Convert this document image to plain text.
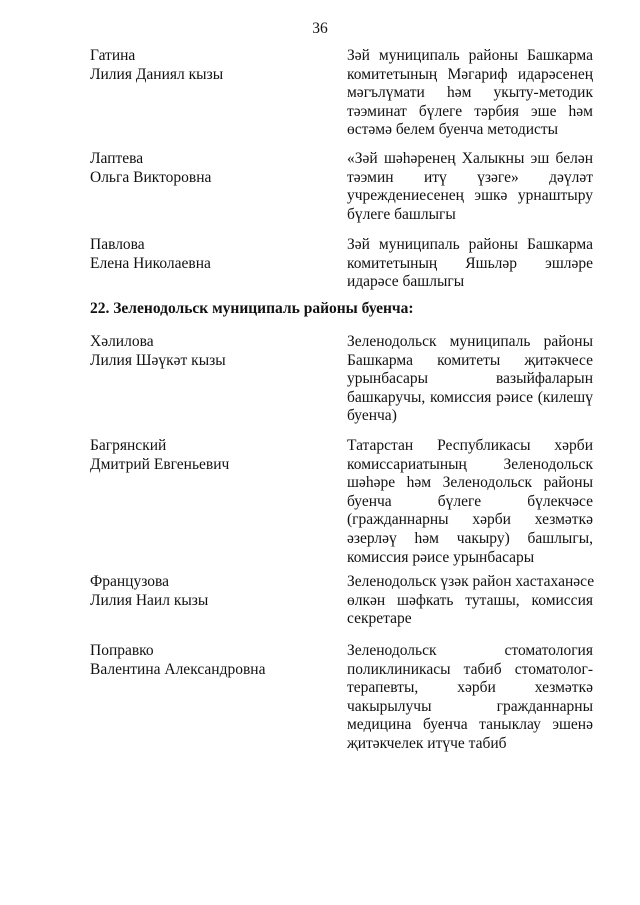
36
Гатина
Лилия Даниял кызы
Зәй муниципаль районы Башкарма
комитетының Мәгариф идарәсенең
мәгълүмати һәм укыту-методик
тәэминат бүлеге тәрбия эше һәм
өстәмә белем буенча методисты
Лаптева
Ольга Викторовна
«Зәй шәһәренең Халыкны эш белән
тәэмин итү үзәге» дәүләт
учреждениесенең эшкә урнаштыру
бүлеге башлыгы
Павлова
Елена Николаевна
Зәй муниципаль районы Башкарма
комитетының Яшьләр эшләре
идарәсе башлыгы
22. Зеленодольск муниципаль районы буенча:
Хәлилова
Лилия Шәүкәт кызы
Зеленодольск муниципаль районы
Башкарма комитеты җитәкчесе
урынбасары вазыйфаларын
башкаручы, комиссия рәисе (килешү
буенча)
Багрянский
Дмитрий Евгеньевич
Татарстан Республикасы хәрби
комиссариатының Зеленодольск
шәһәре һәм Зеленодольск районы
буенча бүлеге бүлекчәсе
(гражданнарны хәрби хезмәткә
әзерләү һәм чакыру) башлыгы,
комиссия рәисе урынбасары
Французова
Лилия Наил кызы
Зеленодольск үзәк район хастаханәсе
өлкән шәфкать туташы, комиссия
секретаре
Поправко
Валентина Александровна
Зеленодольск стоматология
поликлиникасы табиб стоматолог-
терапевты, хәрби хезмәткә
чакырылучы гражданнарны
медицина буенча таныклау эшенә
җитәкчелек итүче табиб
